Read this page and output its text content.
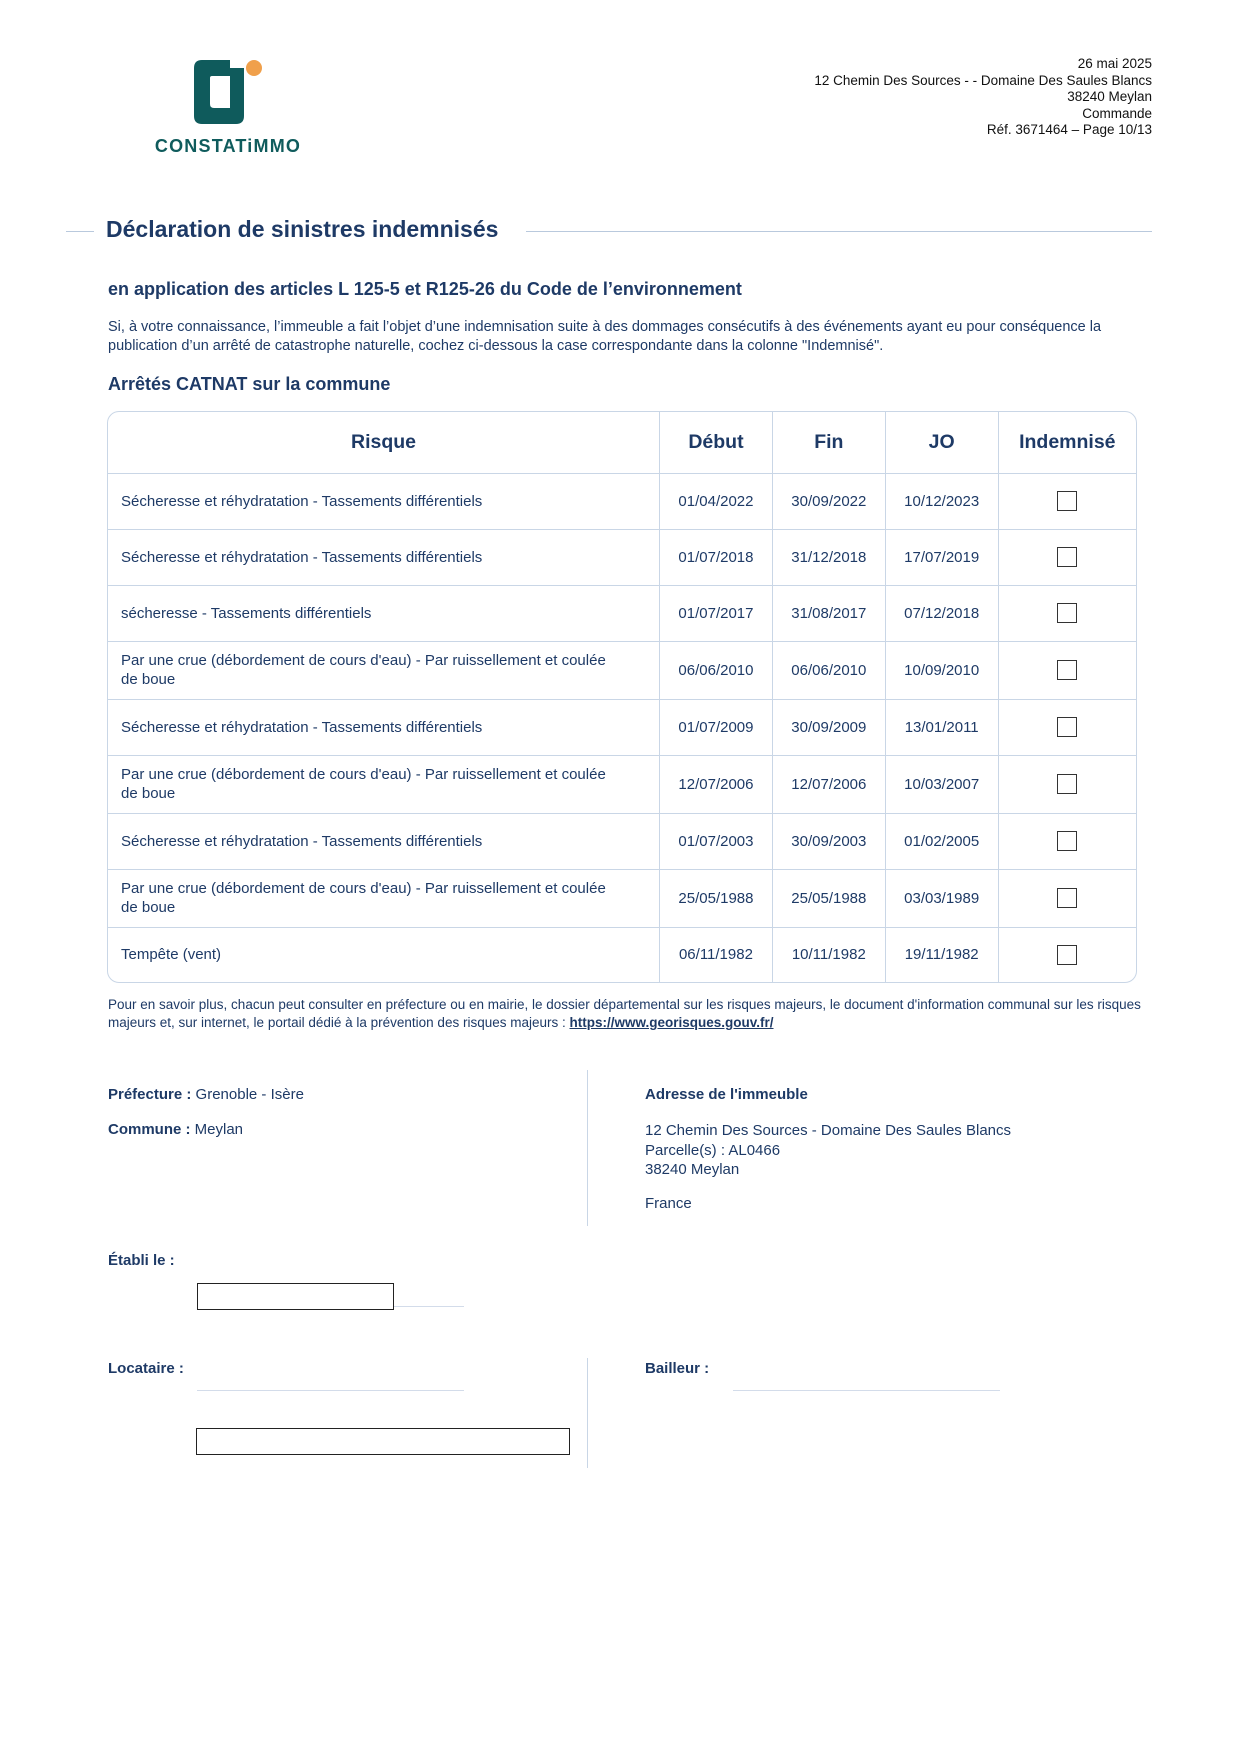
CONSTATiMMO
26 mai 2025
12 Chemin Des Sources - - Domaine Des Saules Blancs
38240 Meylan
Commande
Réf. 3671464 – Page 10/13
Déclaration de sinistres indemnisés
en application des articles L 125-5 et R125-26 du Code de l’environnement
Si, à votre connaissance, l’immeuble a fait l’objet d’une indemnisation suite à des dommages consécutifs à des événements ayant eu pour conséquence la publication d’un arrêté de catastrophe naturelle, cochez ci-dessous la case correspondante dans la colonne "Indemnisé".
Arrêtés CATNAT sur la commune
Risque	Début	Fin	JO	Indemnisé
Sécheresse et réhydratation - Tassements différentiels	01/04/2022	30/09/2022	10/12/2023	
Sécheresse et réhydratation - Tassements différentiels	01/07/2018	31/12/2018	17/07/2019	
sécheresse - Tassements différentiels	01/07/2017	31/08/2017	07/12/2018	
Par une crue (débordement de cours d'eau) - Par ruissellement et coulée de boue	06/06/2010	06/06/2010	10/09/2010	
Sécheresse et réhydratation - Tassements différentiels	01/07/2009	30/09/2009	13/01/2011	
Par une crue (débordement de cours d'eau) - Par ruissellement et coulée de boue	12/07/2006	12/07/2006	10/03/2007	
Sécheresse et réhydratation - Tassements différentiels	01/07/2003	30/09/2003	01/02/2005	
Par une crue (débordement de cours d'eau) - Par ruissellement et coulée de boue	25/05/1988	25/05/1988	03/03/1989	
Tempête (vent)	06/11/1982	10/11/1982	19/11/1982	
Pour en savoir plus, chacun peut consulter en préfecture ou en mairie, le dossier départemental sur les risques majeurs, le document d'information communal sur les risques majeurs et, sur internet, le portail dédié à la prévention des risques majeurs : https://www.georisques.gouv.fr/
Préfecture : Grenoble - Isère
Commune : Meylan
Adresse de l'immeuble
12 Chemin Des Sources - Domaine Des Saules Blancs
Parcelle(s) : AL0466
38240 Meylan
France
Établi le :
Locataire :	Bailleur :
